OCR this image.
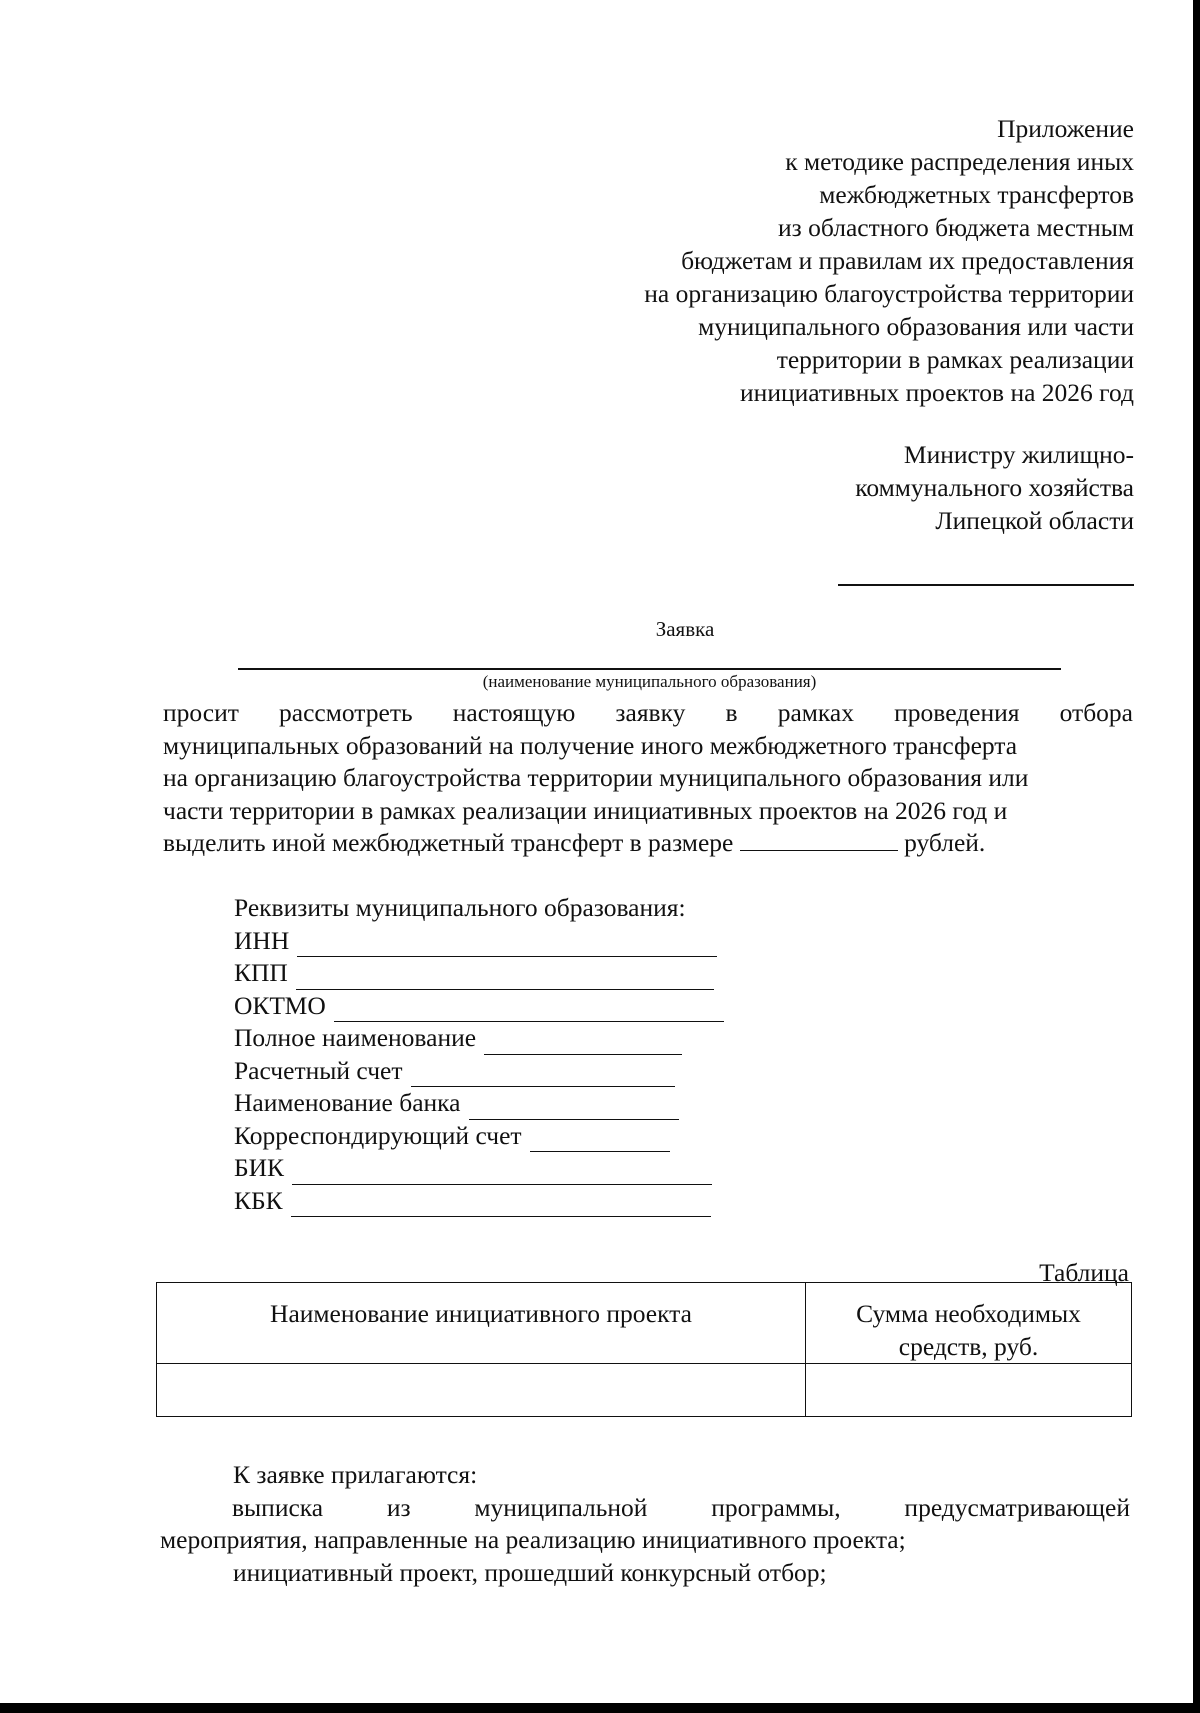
Приложение
к методике распределения иных
межбюджетных трансфертов
из областного бюджета местным
бюджетам и правилам их предоставления
на организацию благоустройства территории
муниципального образования или части
территории в рамках реализации
инициативных проектов на 2026 год
Министру жилищно-
коммунального хозяйства
Липецкой области
Заявка
(наименование муниципального образования)
просит рассмотреть настоящую заявку в рамках проведения отбора
муниципальных образований на получение иного межбюджетного трансферта
на организацию благоустройства территории муниципального образования или
части территории в рамках реализации инициативных проектов на 2026 год и
выделить иной межбюджетный трансферт в размере	рублей.
Реквизиты муниципального образования:
ИНН
КПП
ОКТМО
Полное наименование
Расчетный счет
Наименование банка
Корреспондирующий счет
БИК
КБК
Таблица
Наименование инициативного проекта	Сумма необходимых
средств, руб.

К заявке прилагаются:
выписка из муниципальной программы, предусматривающей
мероприятия, направленные на реализацию инициативного проекта;
инициативный проект, прошедший конкурсный отбор;
